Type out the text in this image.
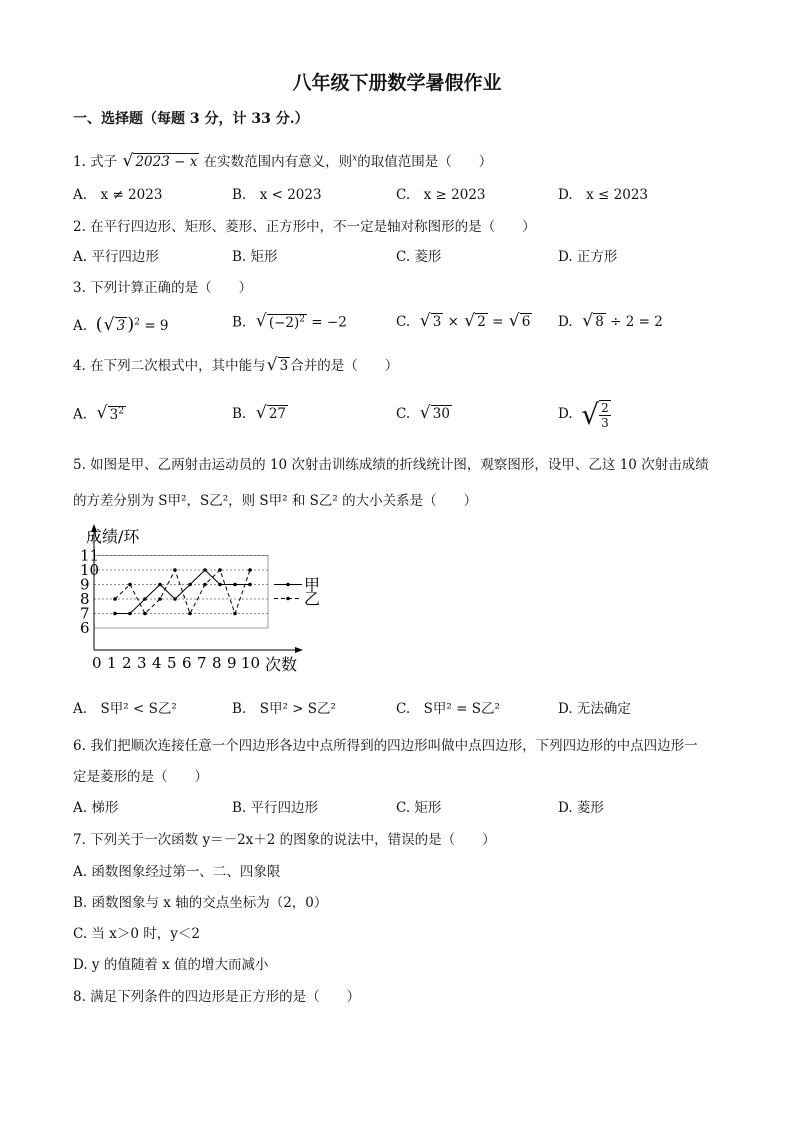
八年级下册数学暑假作业
一、选择题（每题 3 分，计 33 分.）
1. 式子 √ 2023 − x 在实数范围内有意义，则$^x$的取值范围是（　　）
A.　x ≠ 2023	B.　x < 2023	C.　x ≥ 2023	D.　x ≤ 2023
2. 在平行四边形、矩形、菱形、正方形中，不一定是轴对称图形的是（　　）
A. 平行四边形	B. 矩形	C. 菱形	D. 正方形
3. 下列计算正确的是（　　）
A. ( √ 3 )$^2$ = 9	B. √ $(-2)^2 = -2$	C. √ 3 × √ 2 = √ 6 D. √ 8 ÷ 2 = 2
4. 在下列二次根式中，其中能与 √ 3 合并的是（　　）
A. √ $3^2$	B. √ 27	C. √ 30	D. √ $\frac{2}{3}$
5. 如图是甲、乙两射击运动员的 10 次射击训练成绩的折线统计图，观察图形，设甲、乙这 10 次射击成绩
的方差分别为 S甲²，S乙²，则 S甲² 和 S乙² 的大小关系是（　　）
6
7
8
9
10
11
0 1 2 3 4 5 6 7 8 9 10
甲
乙
成绩/环
次数
A.　S甲² < S乙²	B.　S甲² > S乙²	C.　S甲² = S乙²	D. 无法确定
6. 我们把顺次连接任意一个四边形各边中点所得到的四边形叫做中点四边形，下列四边形的中点四边形一
定是菱形的是（　　）
A. 梯形	B. 平行四边形	C. 矩形	D. 菱形
7. 下列关于一次函数 y＝－2x＋2 的图象的说法中，错误的是（　　）
A. 函数图象经过第一、二、四象限
B. 函数图象与 x 轴的交点坐标为（2，0）
C. 当 x＞0 时，y＜2
D. y 的值随着 x 值的增大而减小
8. 满足下列条件的四边形是正方形的是（　　）
